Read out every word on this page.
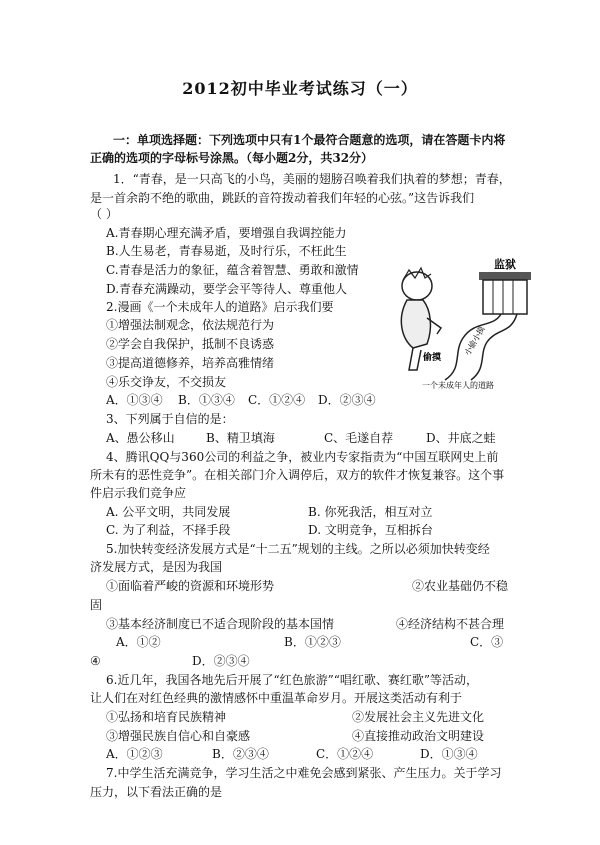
2012初中毕业考试练习（一）
一：单项选择题：下列选项中只有1个最符合题意的选项，请在答题卡内将
正确的选项的字母标号涂黑。（每小题2分，共32分）
1．“青春，是一只高飞的小鸟，美丽的翅膀召唤着我们执着的梦想；青春，
是一首余韵不绝的歌曲，跳跃的音符拨动着我们年轻的心弦。”这告诉我们
（ ）
A.青春期心理充满矛盾，要增强自我调控能力
B.人生易老，青春易逝，及时行乐，不枉此生
C.青春是活力的象征，蕴含着智慧、勇敢和激情
D.青春充满躁动，要学会平等待人、尊重他人
2.漫画《一个未成年人的道路》启示我们要
①增强法制观念，依法规范行为
②学会自我保护，抵制不良诱惑
③提高道德修养，培养高雅情绪
④乐交诤友，不交损友
A．①③④	B．①③④	C．①②④	D．②③④
监狱
小偷小摸
偷摸
一个未成年人的道路
3、下列属于自信的是：
A、愚公移山	B、精卫填海	C、毛遂自荐	D、井底之蛙
4、腾讯QQ与360公司的利益之争，被业内专家指责为“中国互联网史上前
所未有的恶性竞争”。在相关部门介入调停后，双方的软件才恢复兼容。这个事
件启示我们竞争应
A. 公平文明，共同发展	B. 你死我活，相互对立
C. 为了利益，不择手段	D. 文明竞争，互相拆台
5.加快转变经济发展方式是“十二五”规划的主线。之所以必须加快转变经
济发展方式，是因为我国
①面临着严峻的资源和环境形势	②农业基础仍不稳
固
③基本经济制度已不适合现阶段的基本国情	④经济结构不甚合理
A．①②	B．①②③	C．③
④	D．②③④
6.近几年，我国各地先后开展了“红色旅游”“唱红歌、赛红歌”等活动，
让人们在对红色经典的激情感怀中重温革命岁月。开展这类活动有利于
①弘扬和培育民族精神	②发展社会主义先进文化
③增强民族自信心和自豪感	④直接推动政治文明建设
A．①②③	B．②③④	C．①②④	D．①③④
7.中学生活充满竞争，学习生活之中难免会感到紧张、产生压力。关于学习
压力，以下看法正确的是
